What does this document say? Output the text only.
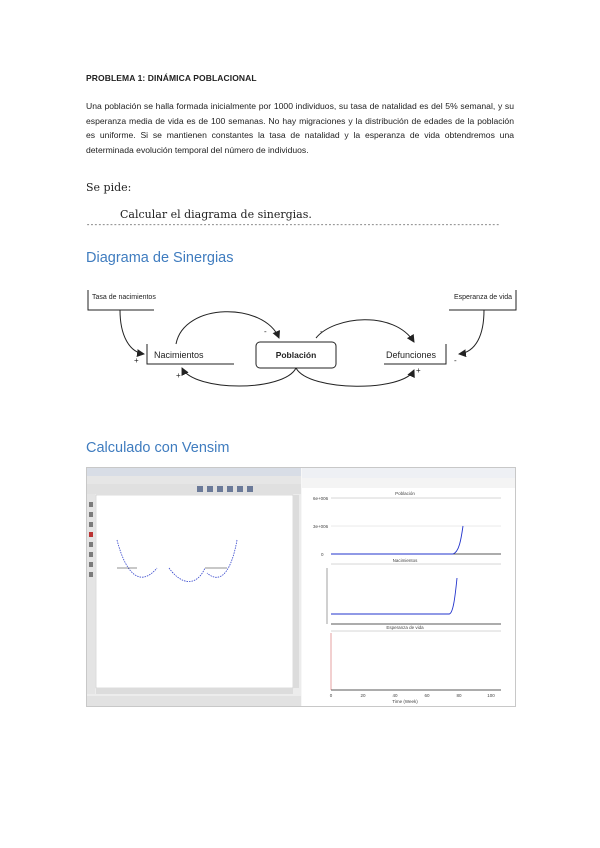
PROBLEMA 1: DINÁMICA POBLACIONAL
Una población se halla formada inicialmente por 1000 individuos, su tasa de natalidad es del 5% semanal, y su esperanza media de vida es de 100 semanas. No hay migraciones y la distribución de edades de la población es uniforme. Si se mantienen constantes la tasa de natalidad y la esperanza de vida obtendremos una determinada evolución temporal del número de individuos.
Se pide:
Calcular el diagrama de sinergias.
----------------------------------------------------------------------------------------------------------
Diagrama de Sinergias
Tasa de nacimientos	Esperanza de vida
Nacimientos	Población	Defunciones
+
-	-
+
+
-
Calculado con Vensim
Población
Nacimientos
Esperanza de vida
6e+006
3e+006
0
0	20	40	60	80	100
Time (Week)
